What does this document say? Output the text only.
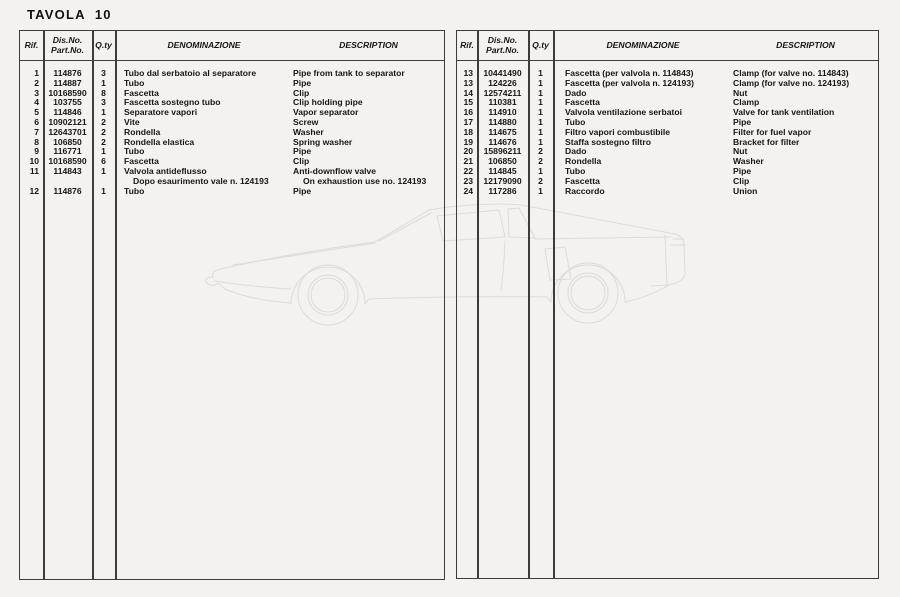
TAVOLA  10
Rif.	Dis.No.
Part.No.	Q.ty	DENOMINAZIONE	DESCRIPTION
1	114876	3	Tubo dal serbatoio al separatore	Pipe from tank to separator
2	114887	1	Tubo	Pipe
3	10168590	8	Fascetta	Clip
4	103755	3	Fascetta sostegno tubo	Clip holding pipe
5	114846	1	Separatore vapori	Vapor separator
6	10902121	2	Vite	Screw
7	12643701	2	Rondella	Washer
8	106850	2	Rondella elastica	Spring washer
9	116771	1	Tubo	Pipe
10	10168590	6	Fascetta	Clip
11	114843	1	Valvola antideflusso	Anti-downflow valve
Dopo esaurimento vale n. 124193	On exhaustion use no. 124193
12	114876	1	Tubo	Pipe
Rif.	Dis.No.
Part.No.	Q.ty	DENOMINAZIONE	DESCRIPTION
13	10441490	1	Fascetta (per valvola n. 114843)	Clamp (for valve no. 114843)
13	124226	1	Fascetta (per valvola n. 124193)	Clamp (for valve no. 124193)
14	12574211	1	Dado	Nut
15	110381	1	Fascetta	Clamp
16	114910	1	Valvola ventilazione serbatoi	Valve for tank ventilation
17	114880	1	Tubo	Pipe
18	114675	1	Filtro vapori combustibile	Filter for fuel vapor
19	114676	1	Staffa sostegno filtro	Bracket for filter
20	15896211	2	Dado	Nut
21	106850	2	Rondella	Washer
22	114845	1	Tubo	Pipe
23	12179090	2	Fascetta	Clip
24	117286	1	Raccordo	Union
